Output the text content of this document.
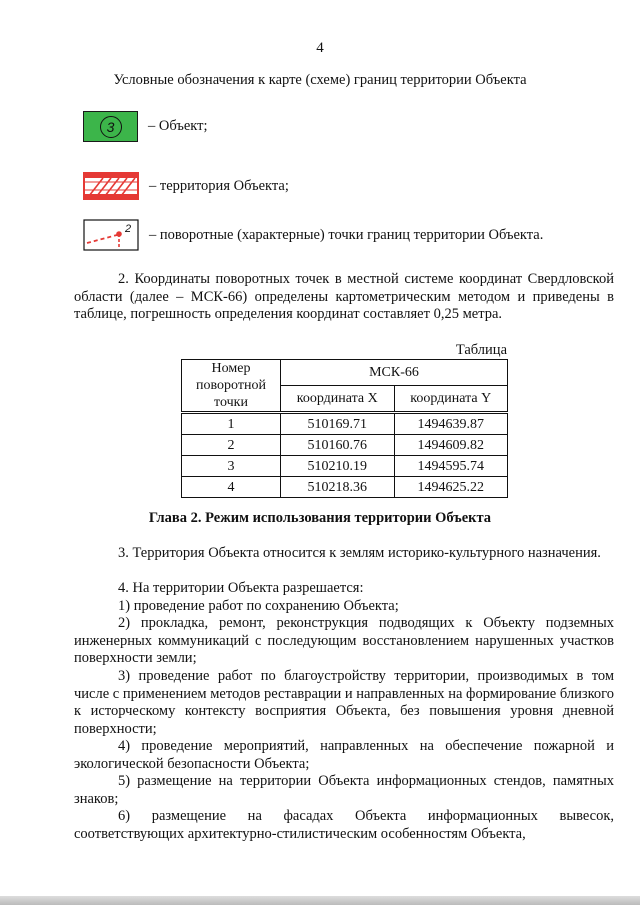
4
Условные обозначения к карте (схеме) границ территории Объекта
3	– Объект;
– территория Объекта;
2 – поворотные (характерные) точки границ территории Объекта.
2. Координаты поворотных точек в местной системе координат Свердловской области (далее – МСК-66) определены картометрическим методом и приведены в таблице, погрешность определения координат составляет 0,25 метра.
Таблица
Номер поворотной точки	МСК-66	
	координата X	координата Y
1	510169.71	1494639.87
2	510160.76	1494609.82
3	510210.19	1494595.74
4	510218.36	1494625.22
Глава 2. Режим использования территории Объекта
3. Территория Объекта относится к землям историко-культурного назначения.
4. На территории Объекта разрешается:
1) проведение работ по сохранению Объекта;
2) прокладка, ремонт, реконструкция подводящих к Объекту подземных инженерных коммуникаций с последующим восстановлением нарушенных участков поверхности земли;
3) проведение работ по благоустройству территории, производимых в том числе с применением методов реставрации и направленных на формирование близкого к исторческому контексту восприятия Объекта, без повышения уровня дневной поверхности;
4) проведение мероприятий, направленных на обеспечение пожарной и экологической безопасности Объекта;
5) размещение на территории Объекта информационных стендов, памятных знаков;
6) размещение на фасадах Объекта информационных вывесок, соответствующих архитектурно-стилистическим особенностям Объекта,
